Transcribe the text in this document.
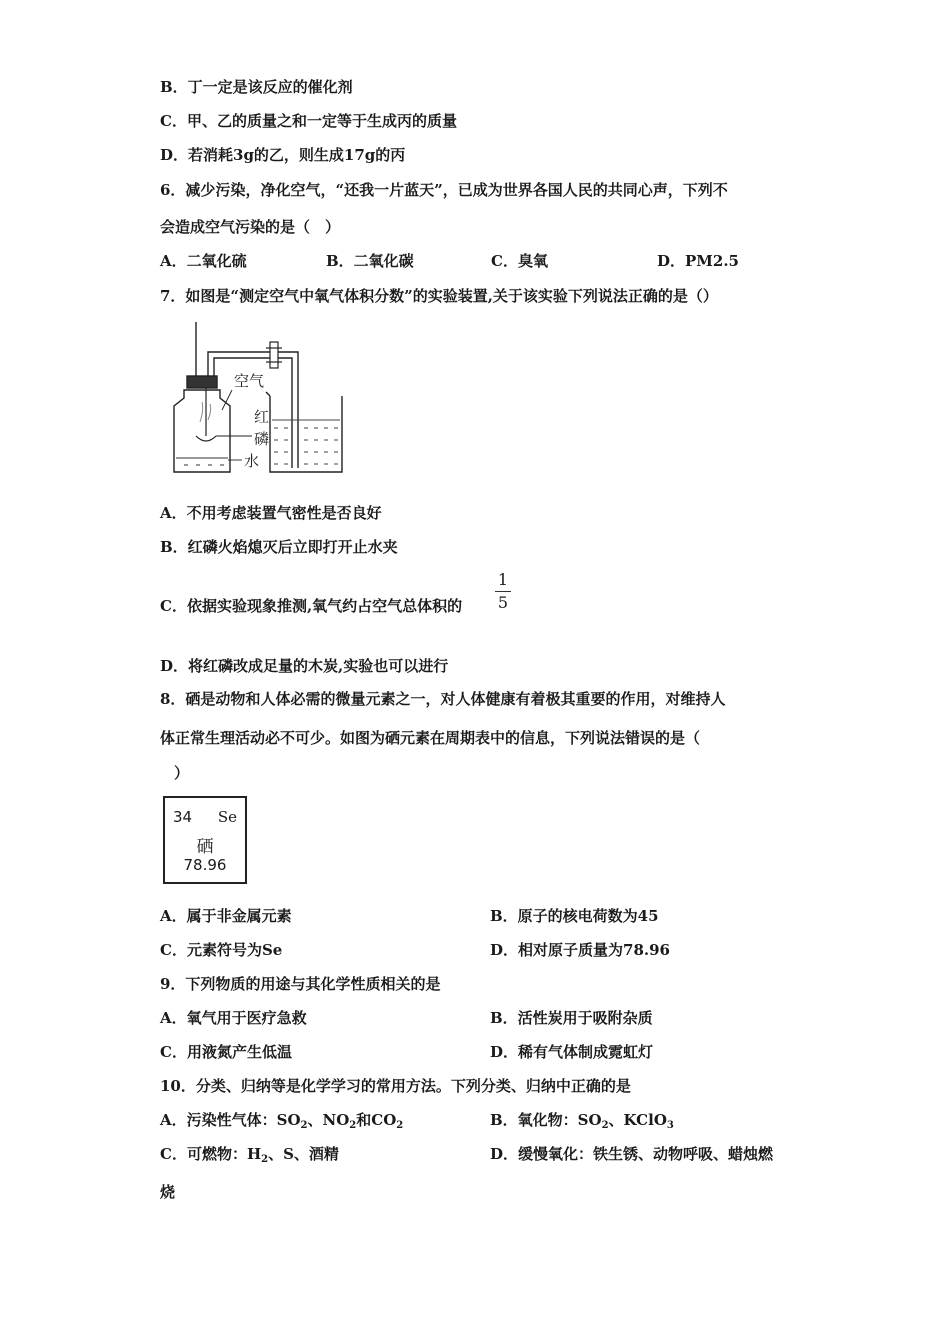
B．丁一定是该反应的催化剂
C．甲、乙的质量之和一定等于生成丙的质量
D．若消耗3g的乙，则生成17g的丙
6．减少污染，净化空气，“还我一片蓝天”，已成为世界各国人民的共同心声，下列不
会造成空气污染的是（　）
A．二氧化硫	B．二氧化碳	C．臭氧	D．PM2.5
7．如图是“测定空气中氧气体积分数”的实验装置,关于该实验下列说法正确的是（）
空气
红
磷
水
A．不用考虑装置气密性是否良好
B．红磷火焰熄灭后立即打开止水夹
C．依据实验现象推测,氧气约占空气总体积的
1
5
D．将红磷改成足量的木炭,实验也可以进行
8．硒是动物和人体必需的微量元素之一，对人体健康有着极其重要的作用，对维持人
体正常生理活动必不可少。如图为硒元素在周期表中的信息，下列说法错误的是（
）
34 Se
硒
78.96
A．属于非金属元素	B．原子的核电荷数为45
C．元素符号为Se	D．相对原子质量为78.96
9．下列物质的用途与其化学性质相关的是
A．氧气用于医疗急救	B．活性炭用于吸附杂质
C．用液氮产生低温	D．稀有气体制成霓虹灯
10．分类、归纳等是化学学习的常用方法。下列分类、归纳中正确的是
A．污染性气体：$SO_2$、$NO_2$和$CO_2$	B．氧化物：$SO_2$、KClO$_3$
C．可燃物：$H_2$、S、酒精	D．缓慢氧化：铁生锈、动物呼吸、蜡烛燃
烧
